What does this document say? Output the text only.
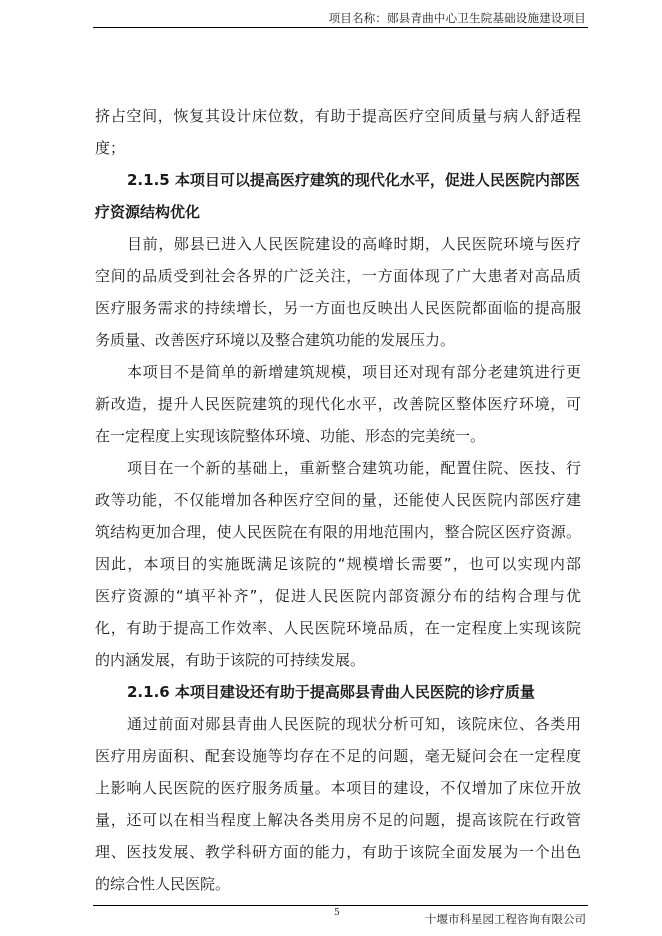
项目名称：郧县青曲中心卫生院基础设施建设项目
挤占空间，恢复其设计床位数，有助于提高医疗空间质量与病人舒适程
度；
2.1.5 本项目可以提高医疗建筑的现代化水平，促进人民医院内部医
疗资源结构优化
目前，郧县已进入人民医院建设的高峰时期，人民医院环境与医疗
空间的品质受到社会各界的广泛关注，一方面体现了广大患者对高品质
医疗服务需求的持续增长，另一方面也反映出人民医院都面临的提高服
务质量、改善医疗环境以及整合建筑功能的发展压力。
本项目不是简单的新增建筑规模，项目还对现有部分老建筑进行更
新改造，提升人民医院建筑的现代化水平，改善院区整体医疗环境，可
在一定程度上实现该院整体环境、功能、形态的完美统一。
项目在一个新的基础上，重新整合建筑功能，配置住院、医技、行
政等功能，不仅能增加各种医疗空间的量，还能使人民医院内部医疗建
筑结构更加合理，使人民医院在有限的用地范围内，整合院区医疗资源。
因此，本项目的实施既满足该院的“规模增长需要”，也可以实现内部
医疗资源的“填平补齐”，促进人民医院内部资源分布的结构合理与优
化，有助于提高工作效率、人民医院环境品质，在一定程度上实现该院
的内涵发展，有助于该院的可持续发展。
2.1.6 本项目建设还有助于提高郧县青曲人民医院的诊疗质量
通过前面对郧县青曲人民医院的现状分析可知，该院床位、各类用
医疗用房面积、配套设施等均存在不足的问题，毫无疑问会在一定程度
上影响人民医院的医疗服务质量。本项目的建设，不仅增加了床位开放
量，还可以在相当程度上解决各类用房不足的问题，提高该院在行政管
理、医技发展、教学科研方面的能力，有助于该院全面发展为一个出色
的综合性人民医院。
5	十堰市科星园工程咨询有限公司
